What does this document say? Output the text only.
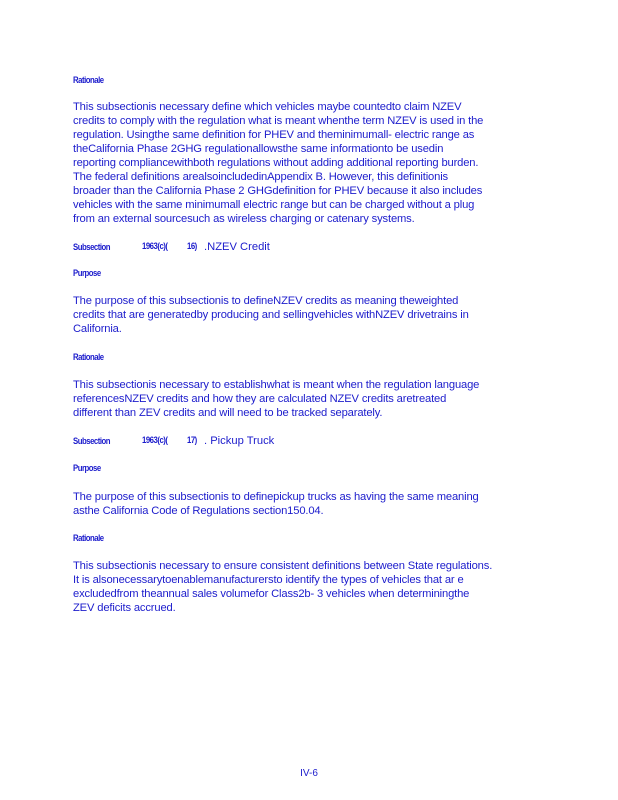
Rationale
This subsectionis necessary define which vehicles maybe countedto claim NZEV
credits to comply with the regulation what is meant whenthe term NZEV is used in the
regulation. Usingthe same definition for PHEV and theminimumall- electric range as
theCalifornia Phase 2GHG regulationallowsthe same informationto be usedin
reporting compliancewithboth regulations without adding additional reporting burden.
The federal definitions arealsoincludedinAppendix B. However, this definitionis
broader than the California Phase 2 GHGdefinition for PHEV because it also includes
vehicles with the same minimumall electric range but can be charged without a plug
from an external sourcesuch as wireless charging or catenary systems.
Subsection	1963(c)( 16) .NZEV Credit
Purpose
The purpose of this subsectionis to defineNZEV credits as meaning theweighted
credits that are generatedby producing and sellingvehicles withNZEV drivetrains in
California.
Rationale
This subsectionis necessary to establishwhat is meant when the regulation language
referencesNZEV credits and how they are calculated NZEV credits aretreated
different than ZEV credits and will need to be tracked separately.
Subsection	1963(c)( 17) . Pickup Truck
Purpose
The purpose of this subsectionis to definepickup trucks as having the same meaning
asthe California Code of Regulations section150.04.
Rationale
This subsectionis necessary to ensure consistent definitions between State regulations.
It is alsonecessarytoenablemanufacturersto identify the types of vehicles that ar e
excludedfrom theannual sales volumefor Class2b- 3 vehicles when determiningthe
ZEV deficits accrued.
IV-6
